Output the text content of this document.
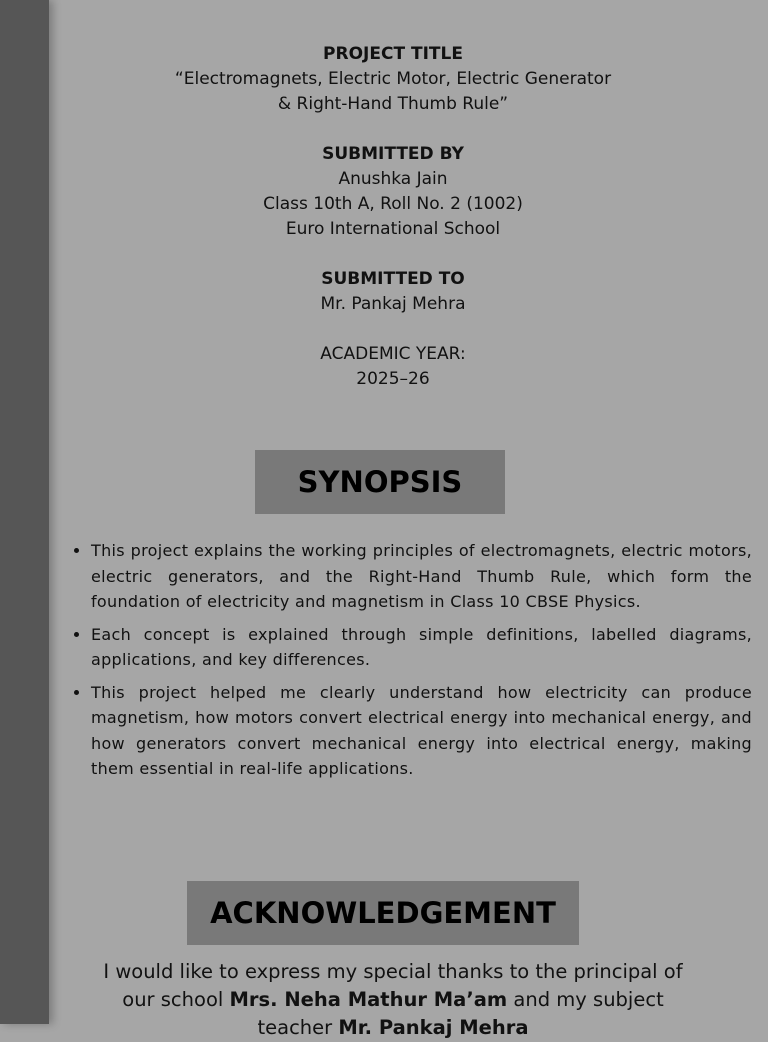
PROJECT TITLE
“Electromagnets, Electric Motor, Electric Generator
& Right-Hand Thumb Rule”
SUBMITTED BY
Anushka Jain
Class 10th A, Roll No. 2 (1002)
Euro International School
SUBMITTED TO
Mr. Pankaj Mehra
ACADEMIC YEAR:
2025–26
SYNOPSIS
• This project explains the working principles of electromagnets, electric motors, electric generators, and the Right-Hand Thumb Rule, which form the foundation of electricity and magnetism in Class 10 CBSE Physics.
• Each concept is explained through simple definitions, labelled diagrams, applications, and key differences.
• This project helped me clearly understand how electricity can produce magnetism, how motors convert electrical energy into mechanical energy, and how generators convert mechanical energy into electrical energy, making them essential in real-life applications.
ACKNOWLEDGEMENT
I would like to express my special thanks to the principal of
our school Mrs. Neha Mathur Ma’am and my subject
teacher Mr. Pankaj Mehra
